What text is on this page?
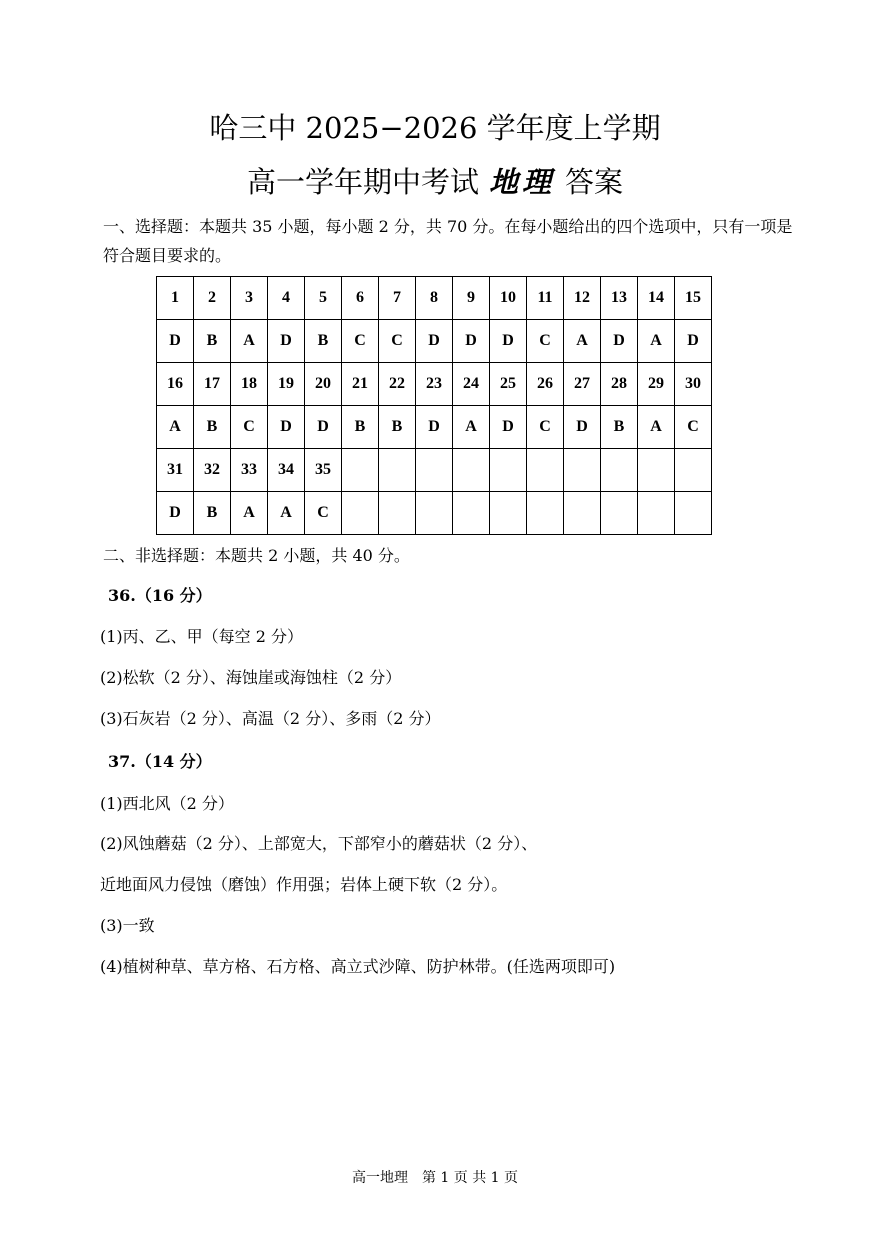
哈三中 2025−2026 学年度上学期
高一学年期中考试 地理 答案
一、选择题：本题共 35 小题，每小题 2 分，共 70 分。在每小题给出的四个选项中，只有一项是符合题目要求的。
1	2	3	4	5	6	7	8	9	10	11	12	13	14	15
D	B	A	D	B	C	C	D	D	D	C	A	D	A	D
16	17	18	19	20	21	22	23	24	25	26	27	28	29	30
A	B	C	D	D	B	B	D	A	D	C	D	B	A	C
31	32	33	34	35										
D	B	A	A	C										
二、非选择题：本题共 2 小题，共 40 分。
36.（16 分）
(1)丙、乙、甲（每空 2 分）
(2)松软（2 分）、海蚀崖或海蚀柱（2 分）
(3)石灰岩（2 分）、高温（2 分）、多雨（2 分）
37.（14 分）
(1)西北风（2 分）
(2)风蚀蘑菇（2 分）、上部宽大，下部窄小的蘑菇状（2 分）、
近地面风力侵蚀（磨蚀）作用强；岩体上硬下软（2 分）。
(3)一致
(4)植树种草、草方格、石方格、高立式沙障、防护林带。(任选两项即可)
高一地理　第 1 页 共 1 页
